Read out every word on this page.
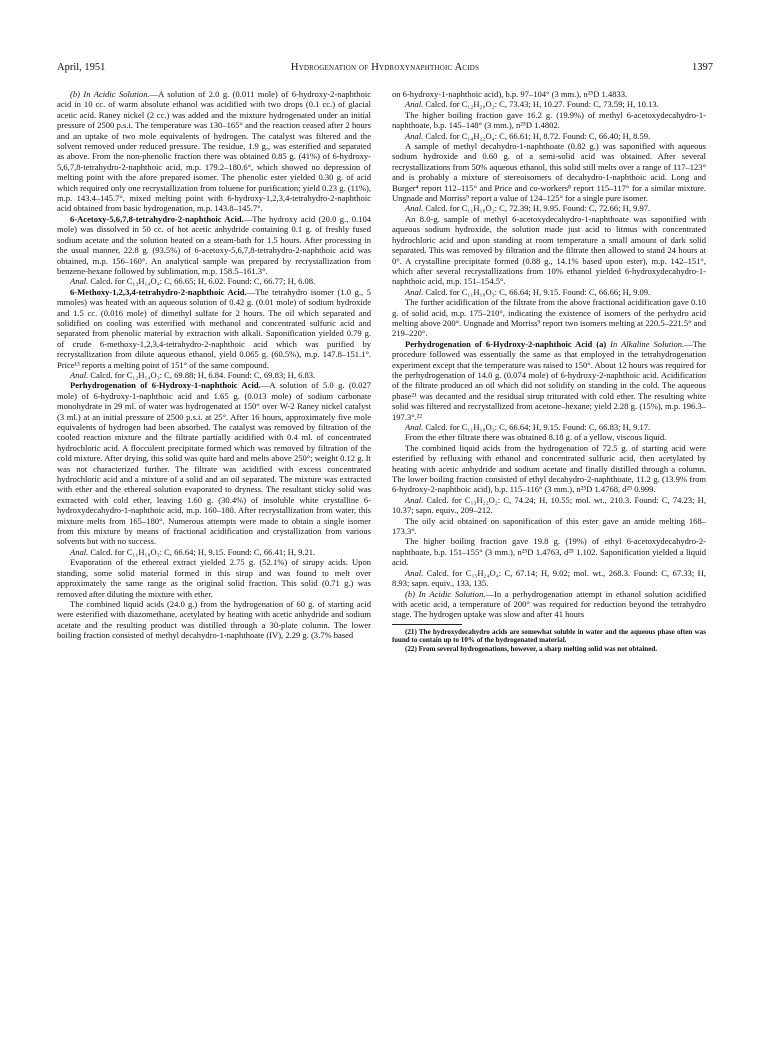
April, 1951	Hydrogenation of Hydroxynaphthoic Acids	1397

(b) In Acidic Solution.—A solution of 2.0 g. (0.011 mole) of 6-hydroxy-2-naphthoic acid in 10 cc. of warm absolute ethanol was acidified with two drops (0.1 cc.) of glacial acetic acid. Raney nickel (2 cc.) was added and the mixture hydrogenated under an initial pressure of 2500 p.s.i. The temperature was 130–165° and the reaction ceased after 2 hours and an uptake of two mole equivalents of hydrogen. The catalyst was filtered and the solvent removed under reduced pressure. The residue, 1.9 g., was esterified and separated as above. From the non-phenolic fraction there was obtained 0.85 g. (41%) of 6-hydroxy-5,6,7,8-tetrahydro-2-naphthoic acid, m.p. 179.2–180.6°, which showed no depression of melting point with the afore prepared isomer. The phenolic ester yielded 0.30 g. of acid which required only one recrystallization from toluene for purification; yield 0.23 g. (11%), m.p. 143.4–145.7°, mixed melting point with 6-hydroxy-1,2,3,4-tetrahydro-2-naphthoic acid obtained from basic hydrogenation, m.p. 143.8–145.7°.

6-Acetoxy-5,6,7,8-tetrahydro-2-naphthoic Acid.—The hydroxy acid (20.0 g., 0.104 mole) was dissolved in 50 cc. of hot acetic anhydride containing 0.1 g. of freshly fused sodium acetate and the solution heated on a steam-bath for 1.5 hours. After processing in the usual manner, 22.8 g. (93.5%) of 6-acetoxy-5,6,7,8-tetrahydro-2-naphthoic acid was obtained, m.p. 156–160°. An analytical sample was prepared by recrystallization from benzene-hexane followed by sublimation, m.p. 158.5–161.3°.

Anal. Calcd. for C₁₃H₁₄O₄: C, 66.65; H, 6.02. Found: C, 66.77; H, 6.08.

6-Methoxy-1,2,3,4-tetrahydro-2-naphthoic Acid.—The tetrahydro isomer (1.0 g., 5 mmoles) was heated with an aqueous solution of 0.42 g. (0.01 mole) of sodium hydroxide and 1.5 cc. (0.016 mole) of dimethyl sulfate for 2 hours. The oil which separated and solidified on cooling was esterified with methanol and concentrated sulfuric acid and separated from phenolic material by extraction with alkali. Saponification yielded 0.79 g. of crude 6-methoxy-1,2,3,4-tetrahydro-2-naphthoic acid which was purified by recrystallization from dilute aqueous ethanol, yield 0.065 g. (60.5%), m.p. 147.8–151.1°. Price¹³ reports a melting point of 151° of the same compound.

Anal. Calcd. for C₁₂H₁₄O₃: C, 69.88; H, 6.84. Found: C, 69.83; H, 6.83.

Perhydrogenation of 6-Hydroxy-1-naphthoic Acid.—A solution of 5.0 g. (0.027 mole) of 6-hydroxy-1-naphthoic acid and 1.65 g. (0.013 mole) of sodium carbonate monohydrate in 29 ml. of water was hydrogenated at 150° over W-2 Raney nickel catalyst (3 ml.) at an initial pressure of 2500 p.s.i. at 25°. After 16 hours, approximately five mole equivalents of hydrogen had been absorbed. The catalyst was removed by filtration of the cooled reaction mixture and the filtrate partially acidified with 0.4 ml. of concentrated hydrochloric acid. A flocculent precipitate formed which was removed by filtration of the cold mixture. After drying, this solid was quite hard and melts above 250°; weight 0.12 g. It was not characterized further. The filtrate was acidified with excess concentrated hydrochloric acid and a mixture of a solid and an oil separated. The mixture was extracted with ether and the ethereal solution evaporated to dryness. The resultant sticky solid was extracted with cold ether, leaving 1.60 g. (30.4%) of insoluble white crystalline 6-hydroxydecahydro-1-naphthoic acid, m.p. 160–180. After recrystallization from water, this mixture melts from 165–180°. Numerous attempts were made to obtain a single isomer from this mixture by means of fractional acidification and crystallization from various solvents but with no success.

Anal. Calcd. for C₁₁H₁₈O₃: C, 66.64; H, 9.15. Found: C, 66.41; H, 9.21.

Evaporation of the ethereal extract yielded 2.75 g. (52.1%) of sirupy acids. Upon standing, some solid material formed in this sirup and was found to melt over approximately the same range as the original solid fraction. This solid (0.71 g.) was removed after diluting the mixture with ether.

The combined liquid acids (24.0 g.) from the hydrogenation of 60 g. of starting acid were esterified with diazomethane, acetylated by heating with acetic anhydride and sodium acetate and the resulting product was distilled through a 30-plate column. The lower boiling fraction consisted of methyl decahydro-1-naphthoate (IV), 2.29 g. (3.7% based

on 6-hydroxy-1-naphthoic acid), b.p. 97–104° (3 mm.), n²⁵D 1.4833.

Anal. Calcd. for C₁₂H₂₀O₂: C, 73.43; H, 10.27. Found: C, 73.59; H, 10.13.

The higher boiling fraction gave 16.2 g. (19.9%) of methyl 6-acetoxydecahydro-1-naphthoate, b.p. 145–148° (3 mm.), n²⁵D 1.4802.

Anal. Calcd. for C₁₄H₂₂O₄: C, 66.61; H, 8.72. Found: C, 66.40; H, 8.59.

A sample of methyl decahydro-1-naphthoate (0.82 g.) was saponified with aqueous sodium hydroxide and 0.60 g. of a semi-solid acid was obtained. After several recrystallizations from 50% aqueous ethanol, this solid still melts over a range of 117–123° and is probably a mixture of stereoisomers of decahydro-1-naphthoic acid. Long and Burger⁴ report 112–115° and Price and co-workers⁸ report 115–117° for a similar mixture. Ungnade and Morriss⁹ report a value of 124–125° for a single pure isomer.

Anal. Calcd. for C₁₁H₁₈O₂: C, 72.39; H, 9.95. Found: C, 72.66; H, 9.97.

An 8.0-g. sample of methyl 6-acetoxydecahydro-1-naphthoate was saponified with aqueous sodium hydroxide, the solution made just acid to litmus with concentrated hydrochloric acid and upon standing at room temperature a small amount of dark solid separated. This was removed by filtration and the filtrate then allowed to stand 24 hours at 0°. A crystalline precipitate formed (0.88 g., 14.1% based upon ester), m.p. 142–151°, which after several recrystallizations from 10% ethanol yielded 6-hydroxydecahydro-1-naphthoic acid, m.p. 151–154.5°.

Anal. Calcd. for C₁₁H₁₈O₃: C, 66.64; H, 9.15. Found: C, 66.66; H, 9.09.

The further acidification of the filtrate from the above fractional acidification gave 0.10 g. of solid acid, m.p. 175–210°, indicating the existence of isomers of the perhydro acid melting above 200°. Ungnade and Morriss⁹ report two isomers melting at 220.5–221.5° and 219–220°.

Perhydrogenation of 6-Hydroxy-2-naphthoic Acid (a) In Alkaline Solution.—The procedure followed was essentially the same as that employed in the tetrahydrogenation experiment except that the temperature was raised to 150°. About 12 hours was required for the perhydrogenation of 14.0 g. (0.074 mole) of 6-hydroxy-2-naphthoic acid. Acidification of the filtrate produced an oil which did not solidify on standing in the cold. The aqueous phase²¹ was decanted and the residual sirup triturated with cold ether. The resulting white solid was filtered and recrystallized from acetone–hexane; yield 2.28 g. (15%), m.p. 196.3–197.3°.²²

Anal. Calcd. for C₁₁H₁₈O₃: C, 66.64; H, 9.15. Found: C, 66.83; H, 9.17.

From the ether filtrate there was obtained 8.18 g. of a yellow, viscous liquid.

The combined liquid acids from the hydrogenation of 72.5 g. of starting acid were esterified by refluxing with ethanol and concentrated sulfuric acid, then acetylated by heating with acetic anhydride and sodium acetate and finally distilled through a column. The lower boiling fraction consisted of ethyl decahydro-2-naphthoate, 11.2 g. (13.9% from 6-hydroxy-2-naphthoic acid), b.p. 115–116° (3 mm.), n²⁵D 1.4768, d²⁵ 0.999.

Anal. Calcd. for C₁₃H₂₂O₂: C, 74.24; H, 10.55; mol. wt., 210.3. Found: C, 74.23; H, 10.37; sapn. equiv., 209–212.

The oily acid obtained on saponification of this ester gave an amide melting 168–173.3°.

The higher boiling fraction gave 19.8 g. (19%) of ethyl 6-acetoxydecahydro-2-naphthoate, b.p. 151–155° (3 mm.), n²⁵D 1.4763, d²⁵ 1.102. Saponification yielded a liquid acid.

Anal. Calcd. for C₁₅H₂₄O₄: C, 67.14; H, 9.02; mol. wt., 268.3. Found: C, 67.33; H, 8.93; sapn. equiv., 133, 135.

(b) In Acidic Solution.—In a perhydrogenation attempt in ethanol solution acidified with acetic acid, a temperature of 200° was required for reduction beyond the tetrahydro stage. The hydrogen uptake was slow and after 41 hours

(21) The hydroxydecahydro acids are somewhat soluble in water and the aqueous phase often was found to contain up to 10% of the hydrogenated material.

(22) From several hydrogenations, however, a sharp melting solid was not obtained.
